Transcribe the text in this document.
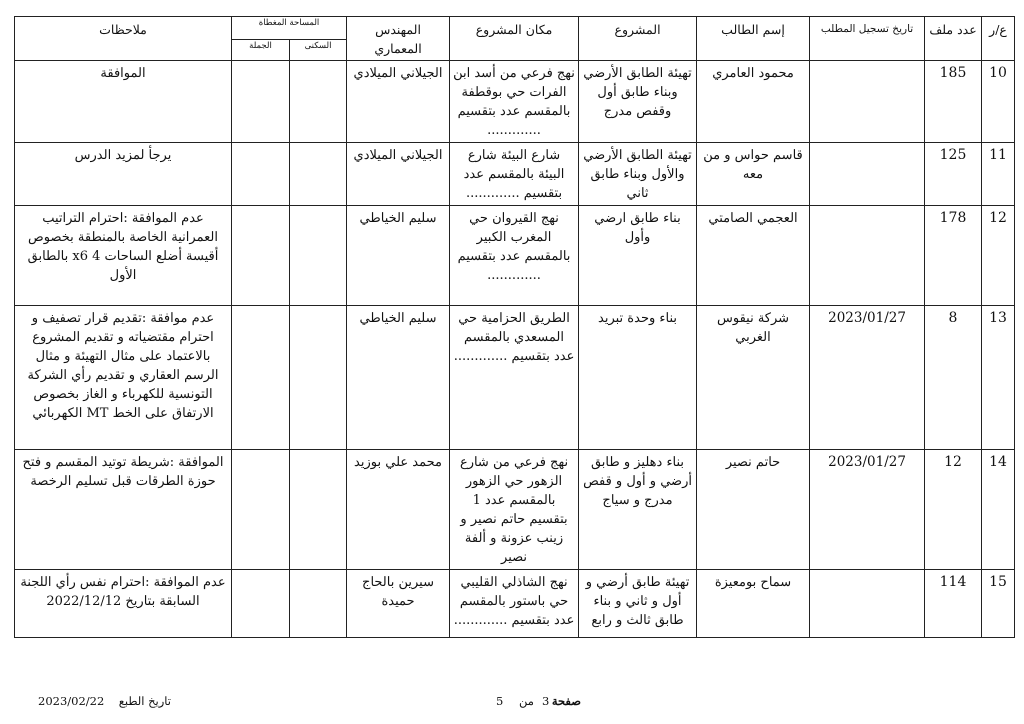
ع/ر	عدد ملف	تاريخ تسجيل المطلب	إسم الطالب	المشروع	مكان المشروع	المهندس المعماري	المساحة المغطاة		ملاحظات
							السكنى	الجملة	
10	185		محمود العامري	تهيئة الطابق الأرضي وبناء طابق أول وقفص مدرج	نهج فرعي من أسد ابن الفرات حي بوقطفة بالمقسم عدد بتقسيم .............	الجيلاني الميلادي			الموافقة
11	125		قاسم حواس و من معه	تهيئة الطابق الأرضي والأول وبناء طابق ثاني	شارع البيئة شارع البيئة بالمقسم عدد بتقسيم .............	الجيلاني الميلادي			يرجأ لمزيد الدرس
12	178		العجمي الصامتي	بناء طابق ارضي وأول	نهج القيروان حي المغرب الكبير بالمقسم عدد بتقسيم .............	سليم الخياطي			عدم الموافقة :احترام التراتيب العمرانية الخاصة بالمنطقة بخصوص أقيسة أضلع الساحات 4 x6 بالطابق الأول
13	8	2023/01/27	شركة نيقوس الغربي	بناء وحدة تبريد	الطريق الحزامية حي المسعدي بالمقسم عدد بتقسيم .............	سليم الخياطي			عدم موافقة :تقديم قرار تصفيف و احترام مقتضياته و تقديم المشروع بالاعتماد على مثال التهيئة و مثال الرسم العقاري و تقديم رأي الشركة التونسية للكهرباء و الغاز بخصوص الارتفاق على الخط MT الكهربائي
14	12	2023/01/27	حاتم نصير	بناء دهليز و طابق أرضي و أول و قفص مدرج و سياج	نهج فرعي من شارع الزهور حي الزهور بالمقسم عدد 1 بتقسيم حاتم نصير و زينب عزونة و ألفة نصير	محمد علي بوزيد			الموافقة :شريطة توتيد المقسم و فتح حوزة الطرقات قبل تسليم الرخصة
15	114		سماح بومعيزة	تهيئة طابق أرضي و أول و ثاني و بناء طابق ثالث و رابع	نهج الشاذلي القليبي حي باستور بالمقسم عدد بتقسيم .............	سيرين بالحاج حميدة			عدم الموافقة :احترام نفس رأي اللجنة السابقة بتاريخ 2022/12/12
تاريخ الطبع
2023/02/22	صفحة
3
من
5
